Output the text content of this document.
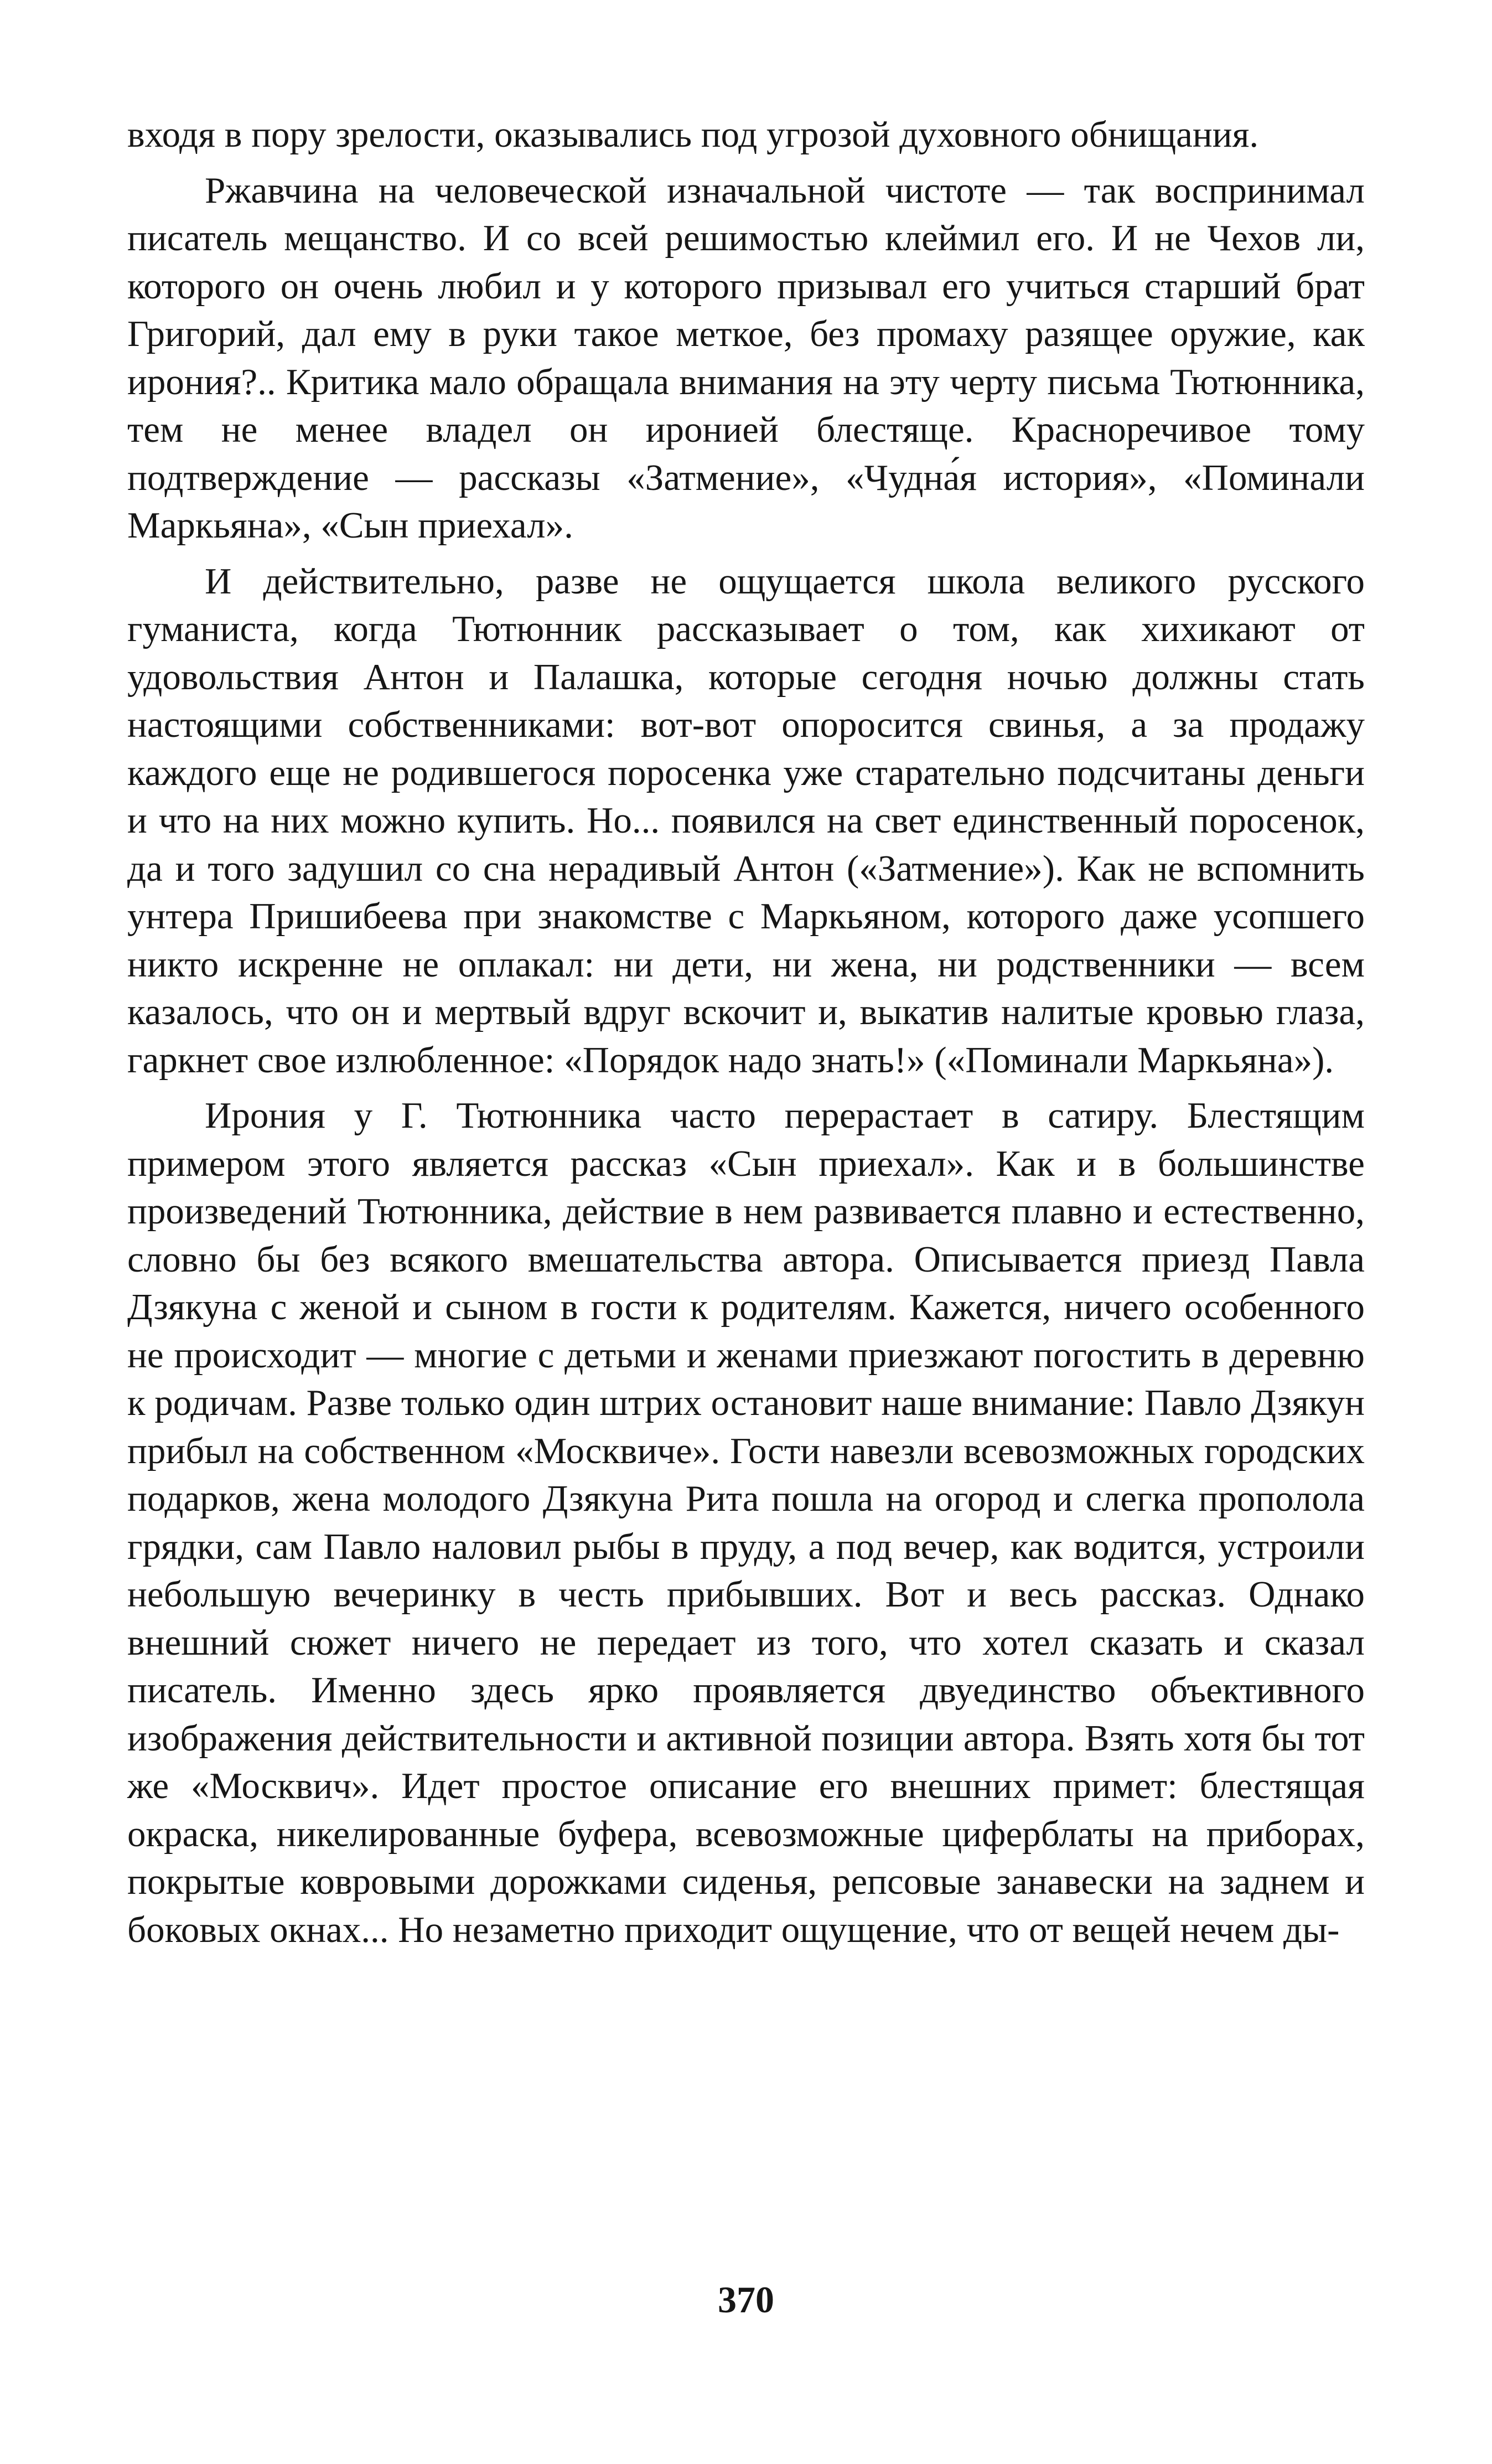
входя в пору зрелости, оказывались под угрозой духовного обнищания.

Ржавчина на человеческой изначальной чистоте — так воспринимал писатель мещанство. И со всей решимостью клеймил его. И не Чехов ли, которого он очень любил и у которого призывал его учиться старший брат Григорий, дал ему в руки такое меткое, без промаху разящее оружие, как ирония?.. Критика мало обращала внимания на эту черту письма Тютюнника, тем не менее владел он иронией блестяще. Красноречивое тому подтверждение — рассказы «Затмение», «Чудна́я история», «Поминали Маркьяна», «Сын приехал».

И действительно, разве не ощущается школа великого русского гуманиста, когда Тютюнник рассказывает о том, как хихикают от удовольствия Антон и Палашка, которые сегодня ночью должны стать настоящими собственниками: вот-вот опоросится свинья, а за продажу каждого еще не родившегося поросенка уже старательно подсчитаны деньги и что на них можно купить. Но... появился на свет единственный поросенок, да и того задушил со сна нерадивый Антон («Затмение»). Как не вспомнить унтера Пришибеева при знакомстве с Маркьяном, которого даже усопшего никто искренне не оплакал: ни дети, ни жена, ни родственники — всем казалось, что он и мертвый вдруг вскочит и, выкатив налитые кровью глаза, гаркнет свое излюбленное: «Порядок надо знать!» («Поминали Маркьяна»).

Ирония у Г. Тютюнника часто перерастает в сатиру. Блестящим примером этого является рассказ «Сын приехал». Как и в большинстве произведений Тютюнника, действие в нем развивается плавно и естественно, словно бы без всякого вмешательства автора. Описывается приезд Павла Дзякуна с женой и сыном в гости к родителям. Кажется, ничего особенного не происходит — многие с детьми и женами приезжают погостить в деревню к родичам. Разве только один штрих остановит наше внимание: Павло Дзякун прибыл на собственном «Москвиче». Гости навезли всевозможных городских подарков, жена молодого Дзякуна Рита пошла на огород и слегка прополола грядки, сам Павло наловил рыбы в пруду, а под вечер, как водится, устроили небольшую вечеринку в честь прибывших. Вот и весь рассказ. Однако внешний сюжет ничего не передает из того, что хотел сказать и сказал писатель. Именно здесь ярко проявляется двуединство объективного изображения действительности и активной позиции автора. Взять хотя бы тот же «Москвич». Идет простое описание его внешних примет: блестящая окраска, никелированные буфера, всевозможные циферблаты на приборах, покрытые ковровыми дорожками сиденья, репсовые занавески на заднем и боковых окнах... Но незаметно приходит ощущение, что от вещей нечем ды-

370
